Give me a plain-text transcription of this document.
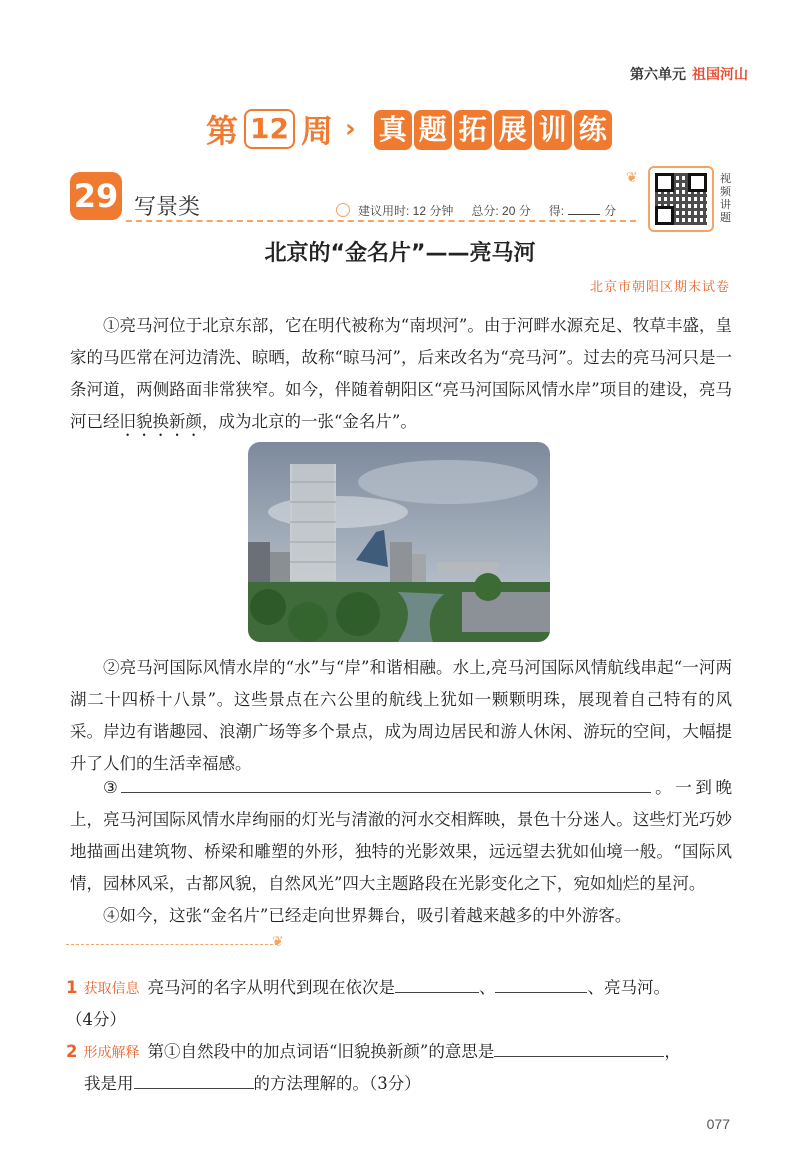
第六单元 祖国河山
第 12 周 › 真 题 拓 展 训 练
29 写景类	建议用时: 12 分钟 总分: 20 分 得:	分
❦	视频讲题
北京的“金名片”——亮马河
北京市朝阳区期末试卷

①亮马河位于北京东部，它在明代被称为“南坝河”。由于河畔水源充足、牧草丰盛，皇家的马匹常在河边清洗、晾晒，故称“晾马河”，后来改名为“亮马河”。过去的亮马河只是一条河道，两侧路面非常狭窄。如今，伴随着朝阳区“亮马河国际风情水岸”项目的建设，亮马河已经旧貌换新颜，成为北京的一张“金名片”。

②亮马河国际风情水岸的“水”与“岸”和谐相融。水上,亮马河国际风情航线串起“一河两湖二十四桥十八景”。这些景点在六公里的航线上犹如一颗颗明珠，展现着自己特有的风采。岸边有谐趣园、浪潮广场等多个景点，成为周边居民和游人休闲、游玩的空间，大幅提升了人们的生活幸福感。

③	。一到晚上，亮马河国际风情水岸绚丽的灯光与清澈的河水交相辉映，景色十分迷人。这些灯光巧妙地描画出建筑物、桥梁和雕塑的外形，独特的光影效果，远远望去犹如仙境一般。“国际风情，园林风采，古都风貌，自然风光”四大主题路段在光影变化之下，宛如灿烂的星河。

④如今，这张“金名片”已经走向世界舞台，吸引着越来越多的中外游客。

❦
1 获取信息 亮马河的名字从明代到现在依次是	、	、亮马河。
（4分）
2 形成解释 第①自然段中的加点词语“旧貌换新颜”的意思是	，
我是用	的方法理解的。（3分）
077
